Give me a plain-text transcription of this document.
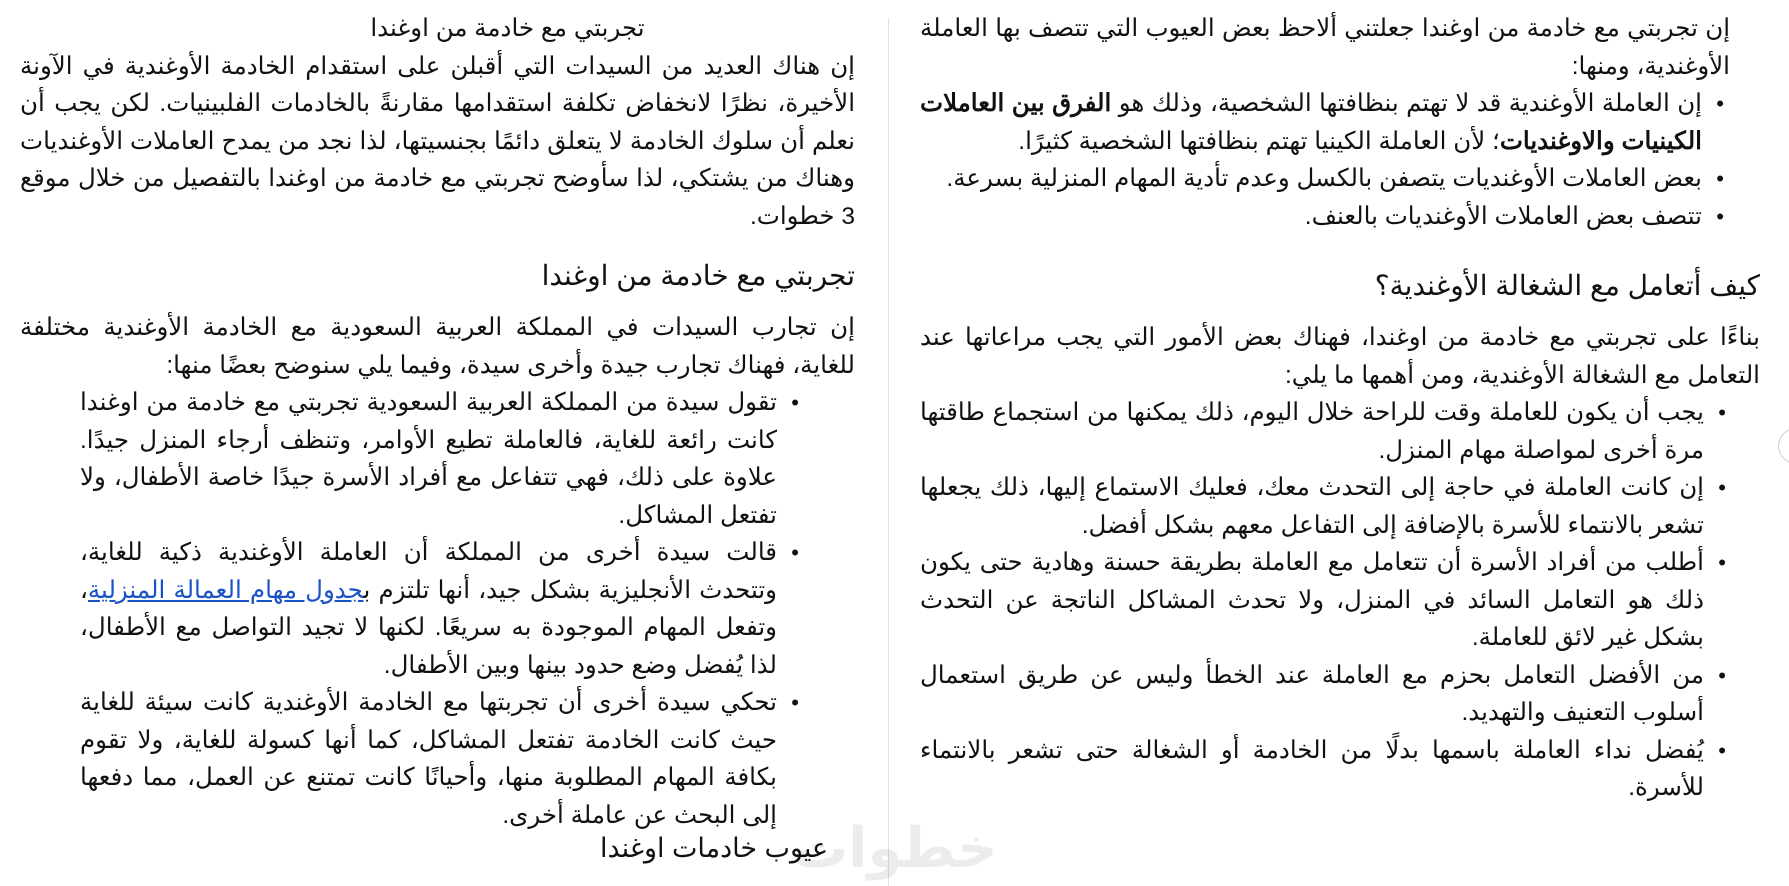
إن تجربتي مع خادمة من اوغندا جعلتني ألاحظ بعض العيوب التي تتصف بها العاملة الأوغندية، ومنها:

•
إن العاملة الأوغندية قد لا تهتم بنظافتها الشخصية، وذلك هو الفرق بين العاملات الكينيات والاوغنديات؛ لأن العاملة الكينيا تهتم بنظافتها الشخصية كثيرًا.
•
بعض العاملات الأوغنديات يتصفن بالكسل وعدم تأدية المهام المنزلية بسرعة.
•
تتصف بعض العاملات الأوغنديات بالعنف.
كيف أتعامل مع الشغالة الأوغندية؟

بناءًا على تجربتي مع خادمة من اوغندا، فهناك بعض الأمور التي يجب مراعاتها عند التعامل مع الشغالة الأوغندية، ومن أهمها ما يلي:

•
يجب أن يكون للعاملة وقت للراحة خلال اليوم، ذلك يمكنها من استجماع طاقتها مرة أخرى لمواصلة مهام المنزل.
•
إن كانت العاملة في حاجة إلى التحدث معك، فعليك الاستماع إليها، ذلك يجعلها تشعر بالانتماء للأسرة بالإضافة إلى التفاعل معهم بشكل أفضل.
•
أطلب من أفراد الأسرة أن تتعامل مع العاملة بطريقة حسنة وهادية حتى يكون ذلك هو التعامل السائد في المنزل، ولا تحدث المشاكل الناتجة عن التحدث بشكل غير لائق للعاملة.
•
من الأفضل التعامل بحزم مع العاملة عند الخطأ وليس عن طريق استعمال أسلوب التعنيف والتهديد.
•
يُفضل نداء العاملة باسمها بدلًا من الخادمة أو الشغالة حتى تشعر بالانتماء للأسرة.

تجربتي مع خادمة من اوغندا

إن هناك العديد من السيدات التي أقبلن على استقدام الخادمة الأوغندية في الآونة الأخيرة، نظرًا لانخفاض تكلفة استقدامها مقارنةً بالخادمات الفلبينيات. لكن يجب أن نعلم أن سلوك الخادمة لا يتعلق دائمًا بجنسيتها، لذا نجد من يمدح العاملات الأوغنديات وهناك من يشتكي، لذا سأوضح تجربتي مع خادمة من اوغندا بالتفصيل من خلال موقع 3 خطوات.

تجربتي مع خادمة من اوغندا

إن تجارب السيدات في المملكة العربية السعودية مع الخادمة الأوغندية مختلفة للغاية، فهناك تجارب جيدة وأخرى سيدة، وفيما يلي سنوضح بعضًا منها:

•
تقول سيدة من المملكة العربية السعودية تجربتي مع خادمة من اوغندا كانت رائعة للغاية، فالعاملة تطيع الأوامر، وتنظف أرجاء المنزل جيدًا. علاوة على ذلك، فهي تتفاعل مع أفراد الأسرة جيدًا خاصة الأطفال، ولا تفتعل المشاكل.
•
قالت سيدة أخرى من المملكة أن العاملة الأوغندية ذكية للغاية، وتتحدث الأنجليزية بشكل جيد، أنها تلتزم بجدول مهام العمالة المنزلية، وتفعل المهام الموجودة به سريعًا. لكنها لا تجيد التواصل مع الأطفال، لذا يُفضل وضع حدود بينها وبين الأطفال.
•
تحكي سيدة أخرى أن تجربتها مع الخادمة الأوغندية كانت سيئة للغاية حيث كانت الخادمة تفتعل المشاكل، كما أنها كسولة للغاية، ولا تقوم بكافة المهام المطلوبة منها، وأحيانًا كانت تمتنع عن العمل، مما دفعها إلى البحث عن عاملة أخرى.
عيوب خادمات اوغندا
خطوات
